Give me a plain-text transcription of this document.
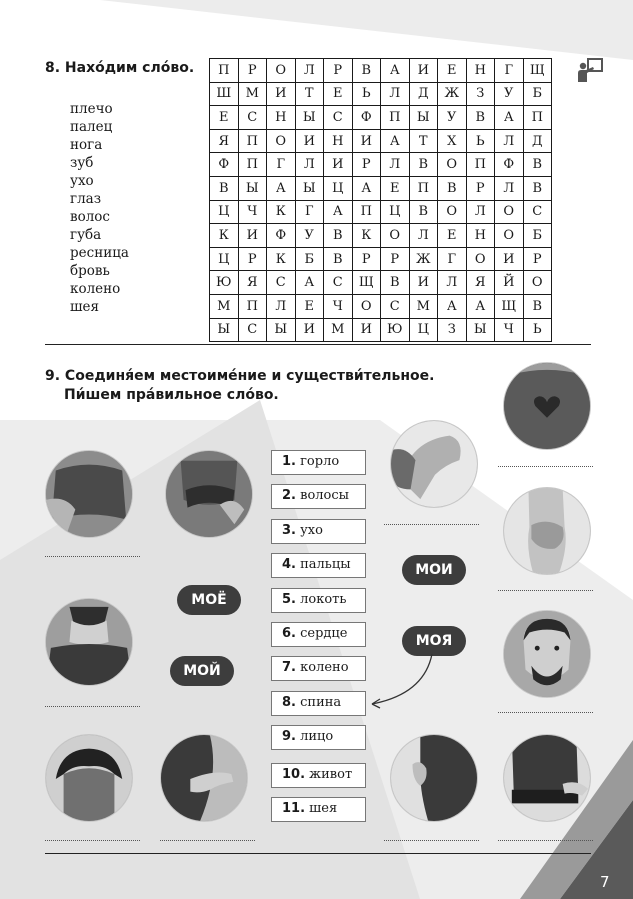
8. Нахо́дим сло́во.
плечо
палец
нога
зуб
ухо
глаз
волос
губа
ресница
бровь
колено
шея
П	Р	О	Л	Р	В	А	И	Е	Н	Г	Щ
Ш	М	И	Т	Е	Ь	Л	Д	Ж	З	У	Б
Е	С	Н	Ы	С	Ф	П	Ы	У	В	А	П
Я	П	О	И	Н	И	А	Т	Х	Ь	Л	Д
Ф	П	Г	Л	И	Р	Л	В	О	П	Ф	В
В	Ы	А	Ы	Ц	А	Е	П	В	Р	Л	В
Ц	Ч	К	Г	А	П	Ц	В	О	Л	О	С
К	И	Ф	У	В	К	О	Л	Е	Н	О	Б
Ц	Р	К	Б	В	Р	Р	Ж	Г	О	И	Р
Ю	Я	С	А	С	Щ	В	И	Л	Я	Й	О
М	П	Л	Е	Ч	О	С	М	А	А	Щ	В
Ы	С	Ы	И	М	И	Ю	Ц	З	Ы	Ч	Ь
9. Соединя́ем местоиме́ние и существи́тельное.
Пи́шем пра́вильное сло́во.
МОЁ
МОЙ
МОИ
МОЯ
1. горло
2. волосы
3. ухо
4. пальцы
5. локоть
6. сердце
7. колено
8. спина
9. лицо
10. живот
11. шея
7
